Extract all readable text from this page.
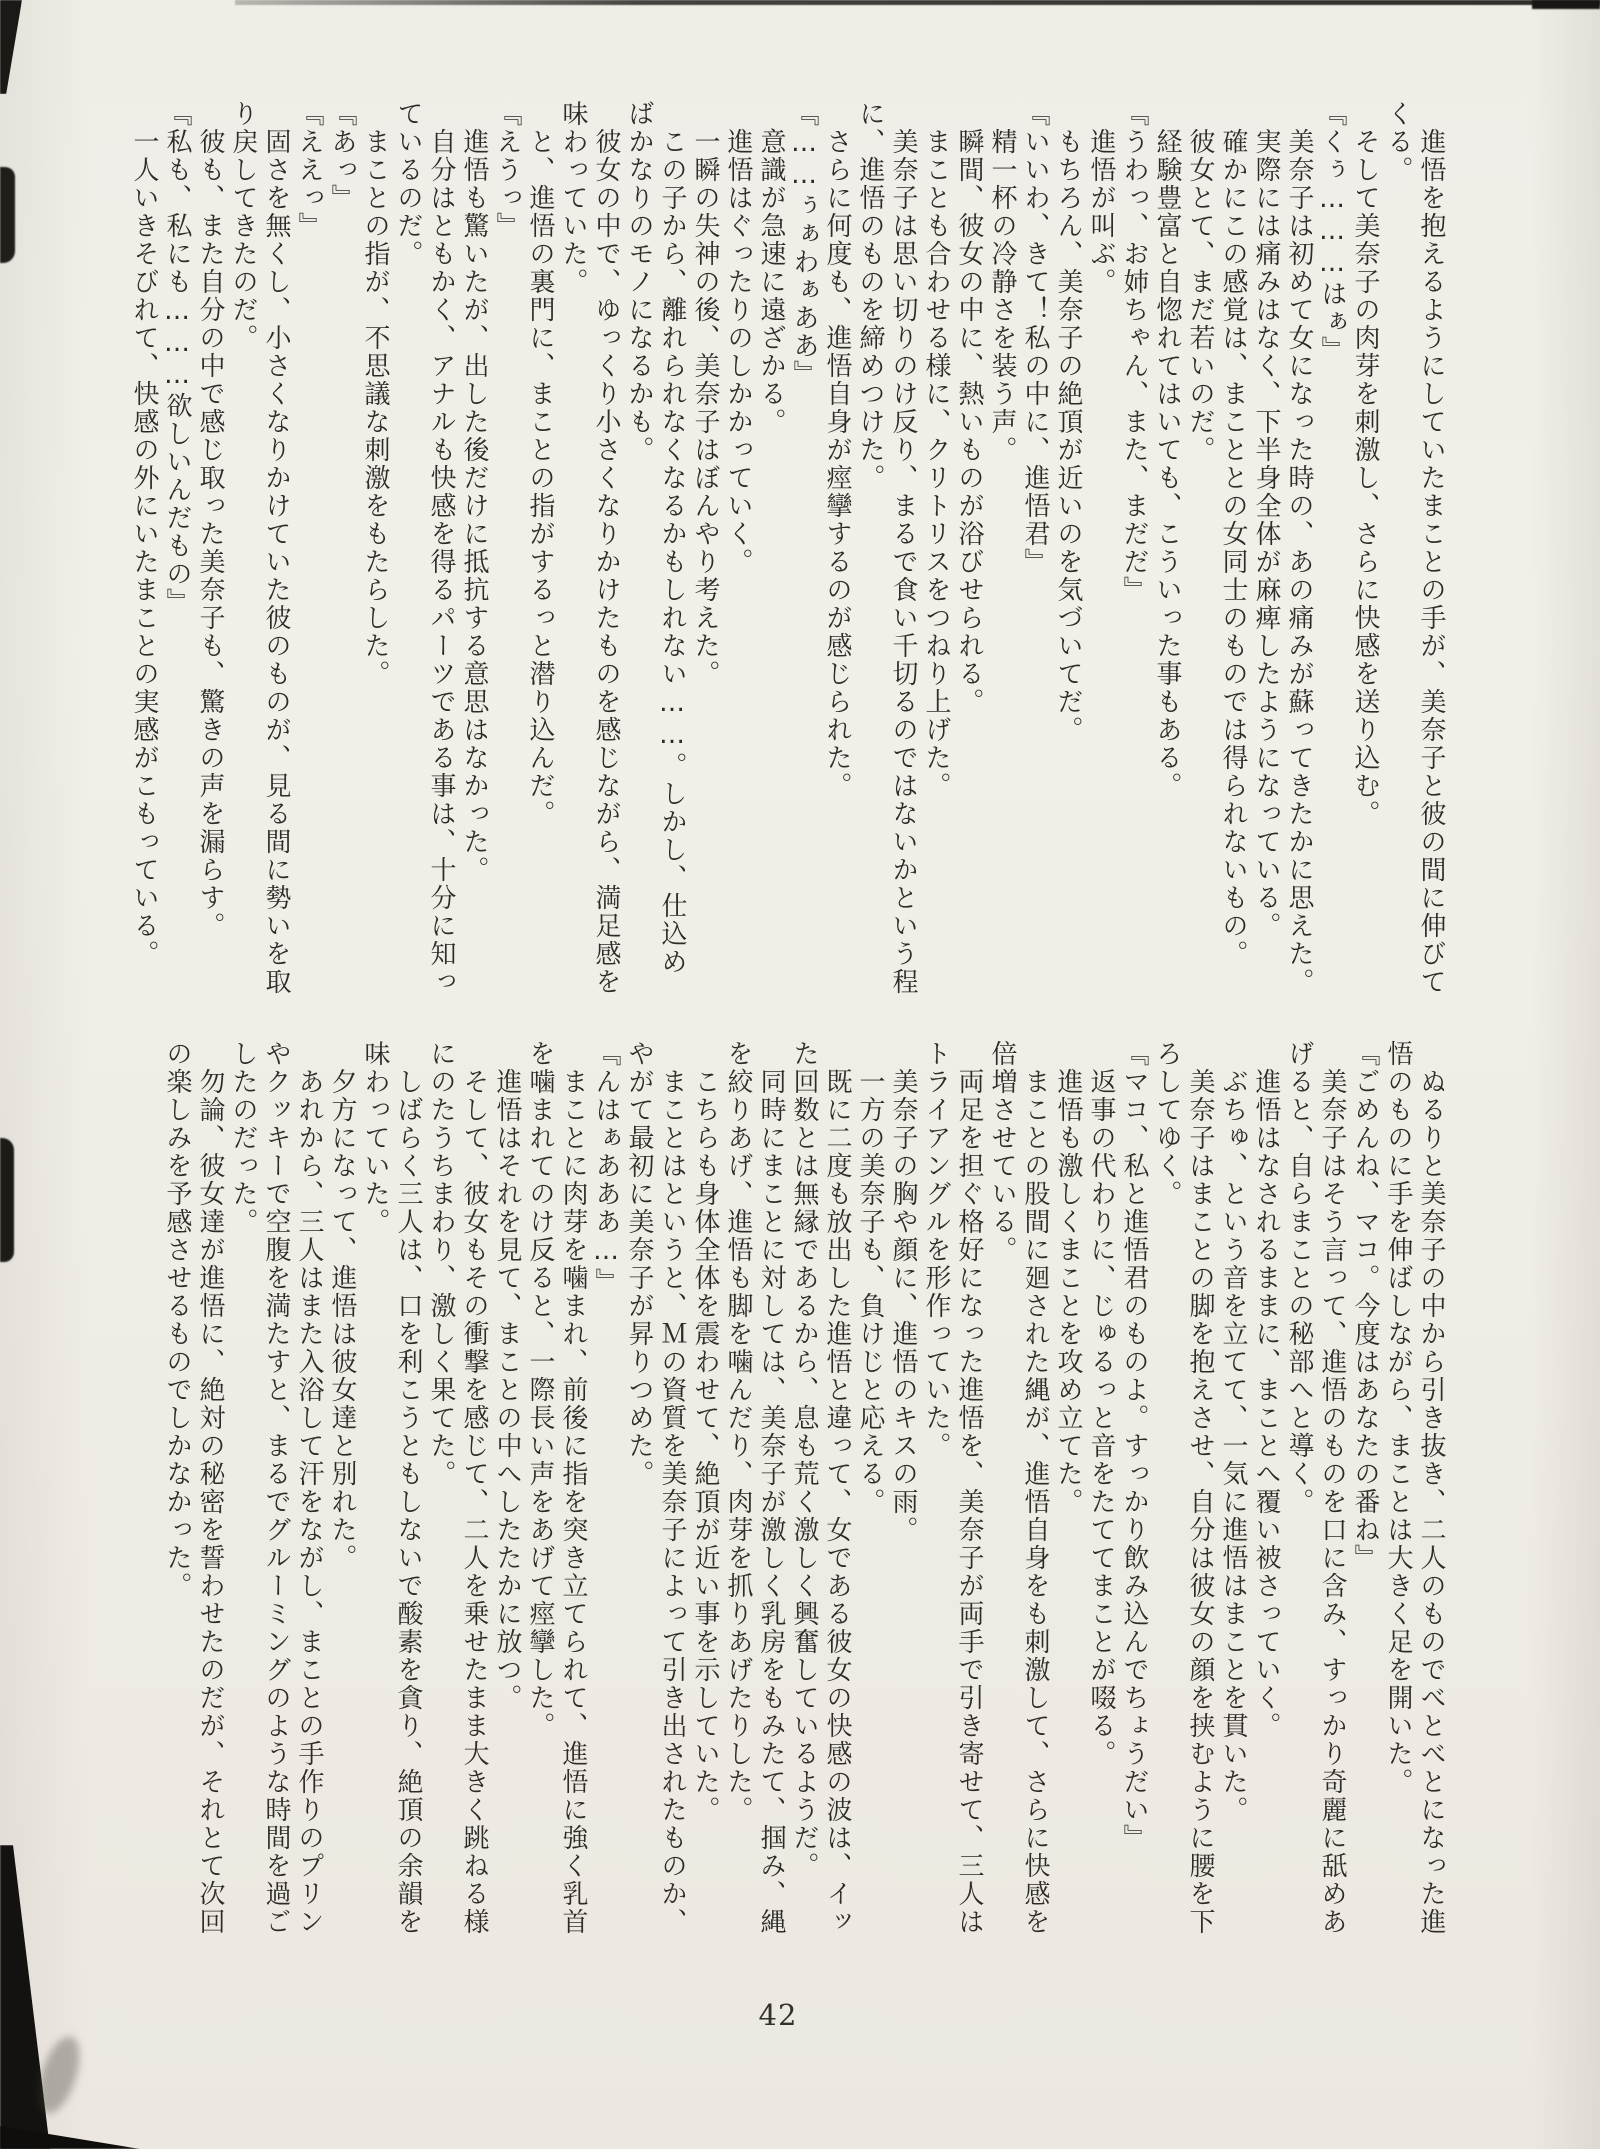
　進悟を抱えるようにしていたまことの手が、美奈子と彼の間に伸びてくる。

　そして美奈子の肉芽を刺激し、さらに快感を送り込む。

『くぅ………はぁ』

　美奈子は初めて女になった時の、あの痛みが蘇ってきたかに思えた。

　実際には痛みはなく、下半身全体が麻痺したようになっている。

　確かにこの感覚は、まこととの女同士のものでは得られないもの。

　彼女とて、まだ若いのだ。

　経験豊富と自惚れてはいても、こういった事もある。

『うわっ、お姉ちゃん、また、まだだ』

　進悟が叫ぶ。

　もちろん、美奈子の絶頂が近いのを気づいてだ。

『いいわ、きて！私の中に、進悟君』

　精一杯の冷静さを装う声。

　瞬間、彼女の中に、熱いものが浴びせられる。

　まことも合わせる様に、クリトリスをつねり上げた。

　美奈子は思い切りのけ反り、まるで食い千切るのではないかという程に、進悟のものを締めつけた。

　さらに何度も、進悟自身が痙攣するのが感じられた。

『……ぅぁわぁああ』

　意識が急速に遠ざかる。

　進悟はぐったりのしかかっていく。

　一瞬の失神の後、美奈子はぼんやり考えた。

　この子から、離れられなくなるかもしれない……。しかし、仕込めばかなりのモノになるかも。

　彼女の中で、ゆっくり小さくなりかけたものを感じながら、満足感を味わっていた。

　と、進悟の裏門に、まことの指がするっと潜り込んだ。

『えうっ』

　進悟も驚いたが、出した後だけに抵抗する意思はなかった。

　自分はともかく、アナルも快感を得るパーツである事は、十分に知っているのだ。

　まことの指が、不思議な刺激をもたらした。

『あっ』

『ええっ』

　固さを無くし、小さくなりかけていた彼のものが、見る間に勢いを取り戻してきたのだ。

　彼も、また自分の中で感じ取った美奈子も、驚きの声を漏らす。

『私も、私にも………欲しいんだもの』

　一人いきそびれて、快感の外にいたまことの実感がこもっている。

　ぬるりと美奈子の中から引き抜き、二人のものでべとべとになった進悟のものに手を伸ばしながら、まことは大きく足を開いた。

『ごめんね、マコ。今度はあなたの番ね』

　美奈子はそう言って、進悟のものを口に含み、すっかり奇麗に舐めあげると、自らまことの秘部へと導く。

　進悟はなされるままに、まことへ覆い被さっていく。

　ぶちゅ、という音を立てて、一気に進悟はまことを貫いた。

　美奈子はまことの脚を抱えさせ、自分は彼女の顔を挟むように腰を下ろしてゆく。

『マコ、私と進悟君のものよ。すっかり飲み込んでちょうだい』

　返事の代わりに、じゅるっと音をたててまことが啜る。

　進悟も激しくまことを攻め立てた。

　まことの股間に廻された縄が、進悟自身をも刺激して、さらに快感を倍増させている。

　両足を担ぐ格好になった進悟を、美奈子が両手で引き寄せて、三人はトライアングルを形作っていた。

　美奈子の胸や顔に、進悟のキスの雨。

　一方の美奈子も、負けじと応える。

　既に二度も放出した進悟と違って、女である彼女の快感の波は、イッた回数とは無縁であるから、息も荒く激しく興奮しているようだ。

　同時にまことに対しては、美奈子が激しく乳房をもみたて、掴み、縄を絞りあげ、進悟も脚を噛んだり、肉芽を抓りあげたりした。

　こちらも身体全体を震わせて、絶頂が近い事を示していた。

　まことはというと、Ｍの資質を美奈子によって引き出されたものか、やがて最初に美奈子が昇りつめた。

『んはぁあああ…』

　まことに肉芽を噛まれ、前後に指を突き立てられて、進悟に強く乳首を噛まれてのけ反ると、一際長い声をあげて痙攣した。

　進悟はそれを見て、まことの中へしたたかに放つ。

　そして、彼女もその衝撃を感じて、二人を乗せたまま大きく跳ねる様にのたうちまわり、激しく果てた。

　しばらく三人は、口を利こうともしないで酸素を貪り、絶頂の余韻を味わっていた。

　夕方になって、進悟は彼女達と別れた。

　あれから、三人はまた入浴して汗をながし、まことの手作りのプリンやクッキーで空腹を満たすと、まるでグルーミングのような時間を過ごしたのだった。

　勿論、彼女達が進悟に、絶対の秘密を誓わせたのだが、それとて次回の楽しみを予感させるものでしかなかった。

42
